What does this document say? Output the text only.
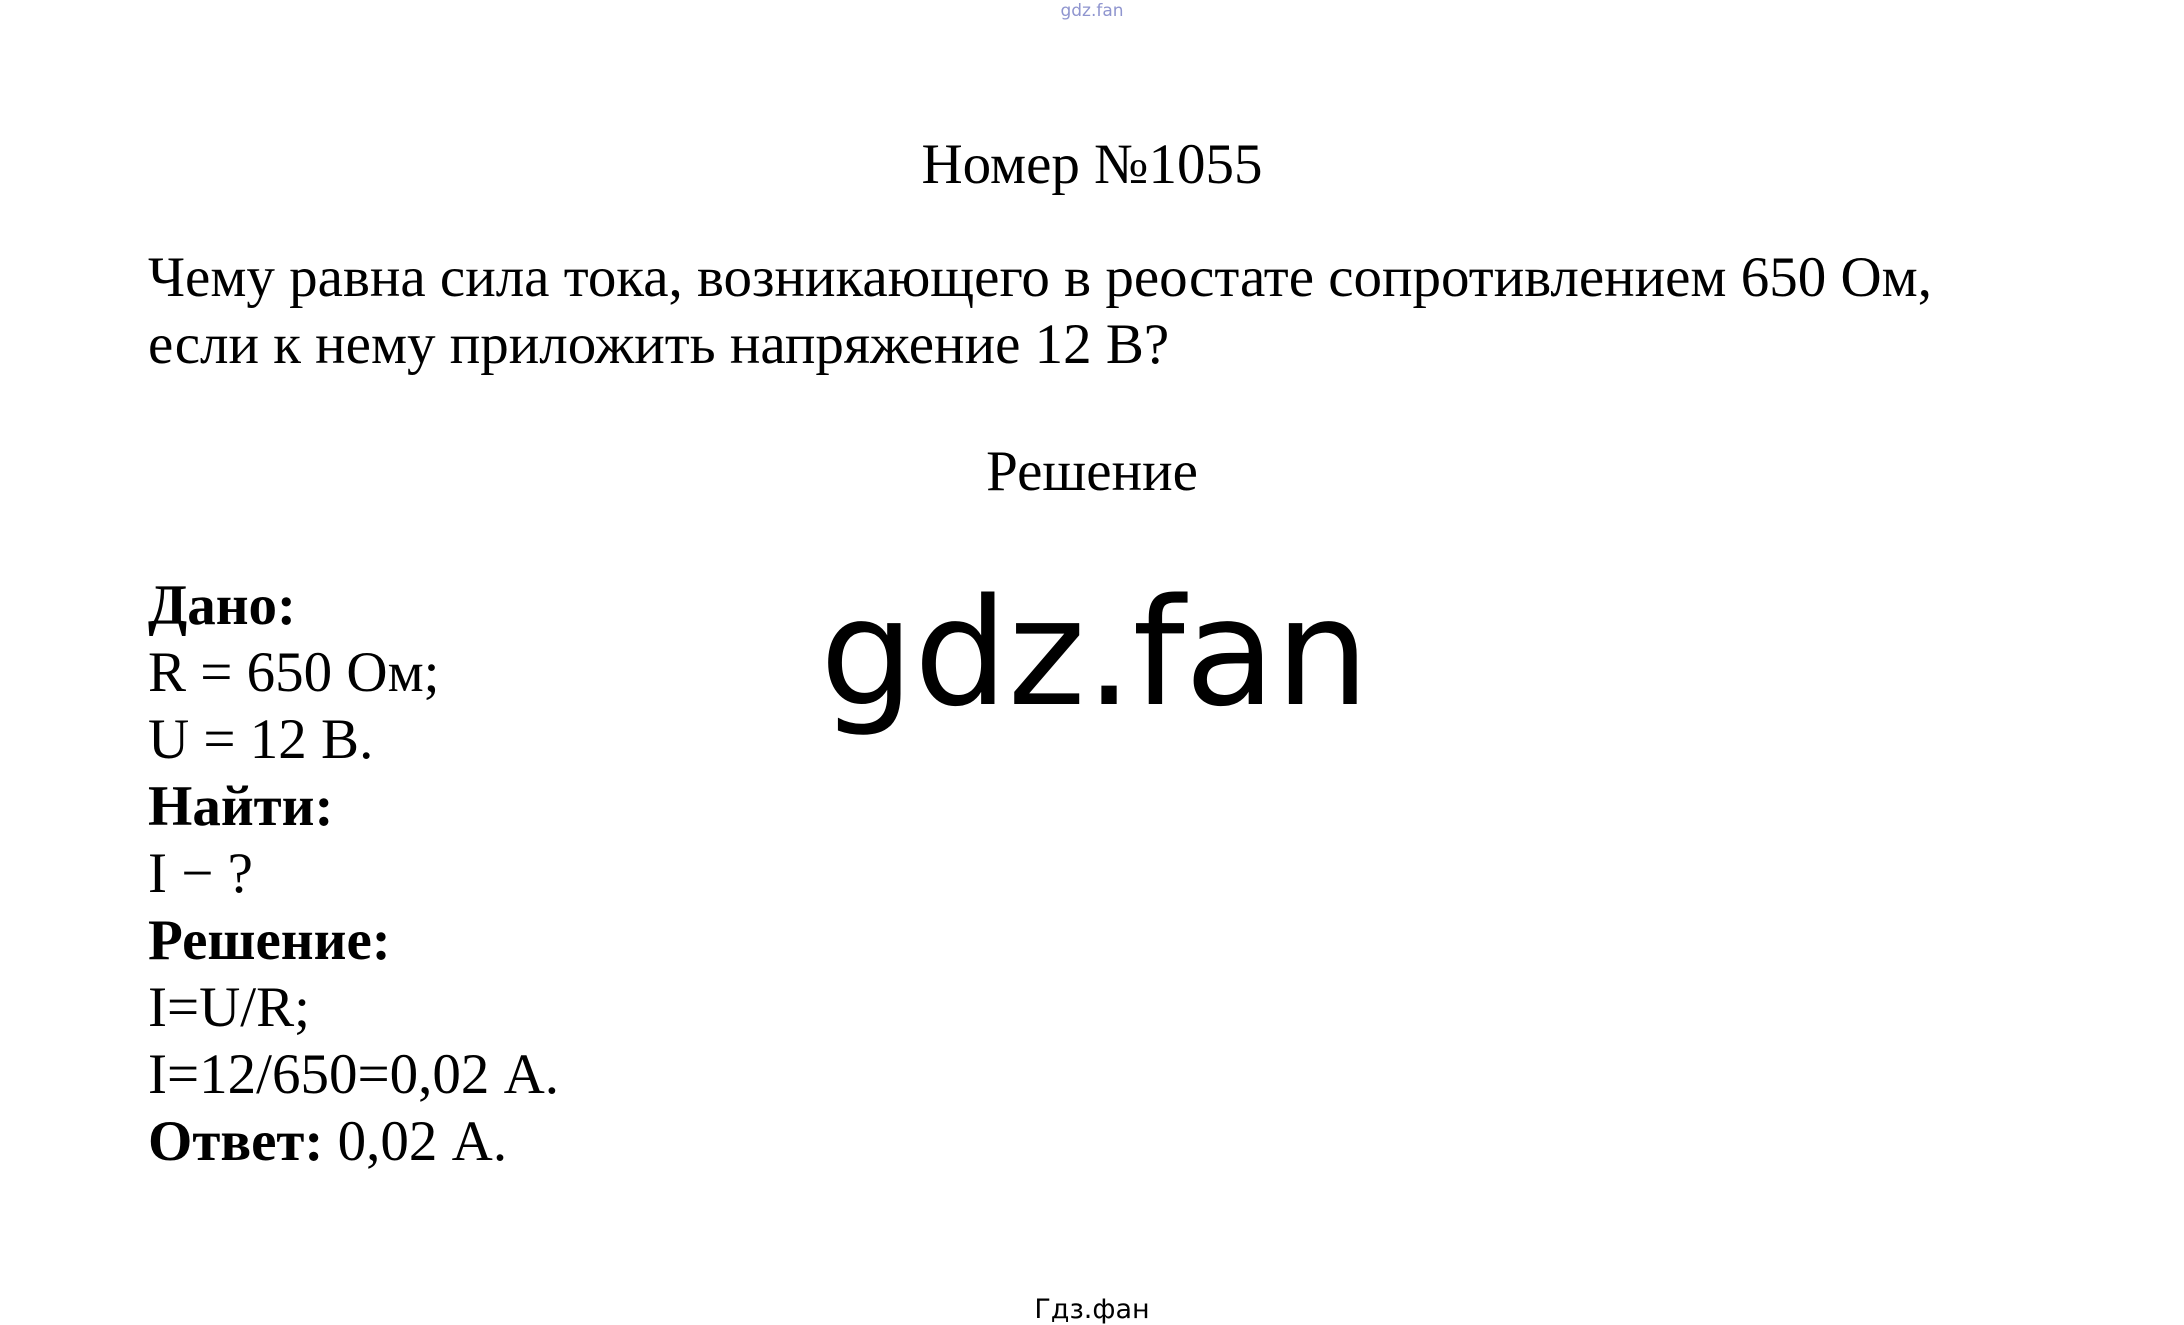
gdz.fan
Номер №1055
Чему равна сила тока, возникающего в реостате сопротивлением 650 Ом,
если к нему приложить напряжение 12 В?
Решение
Дано:
R = 650 Ом;
U = 12 В.
Найти:
I − ?
Решение:
I=U/R;
I=12/650=0,02 А.
Ответ: 0,02 А.
gdz.fan
Гдз.фан
